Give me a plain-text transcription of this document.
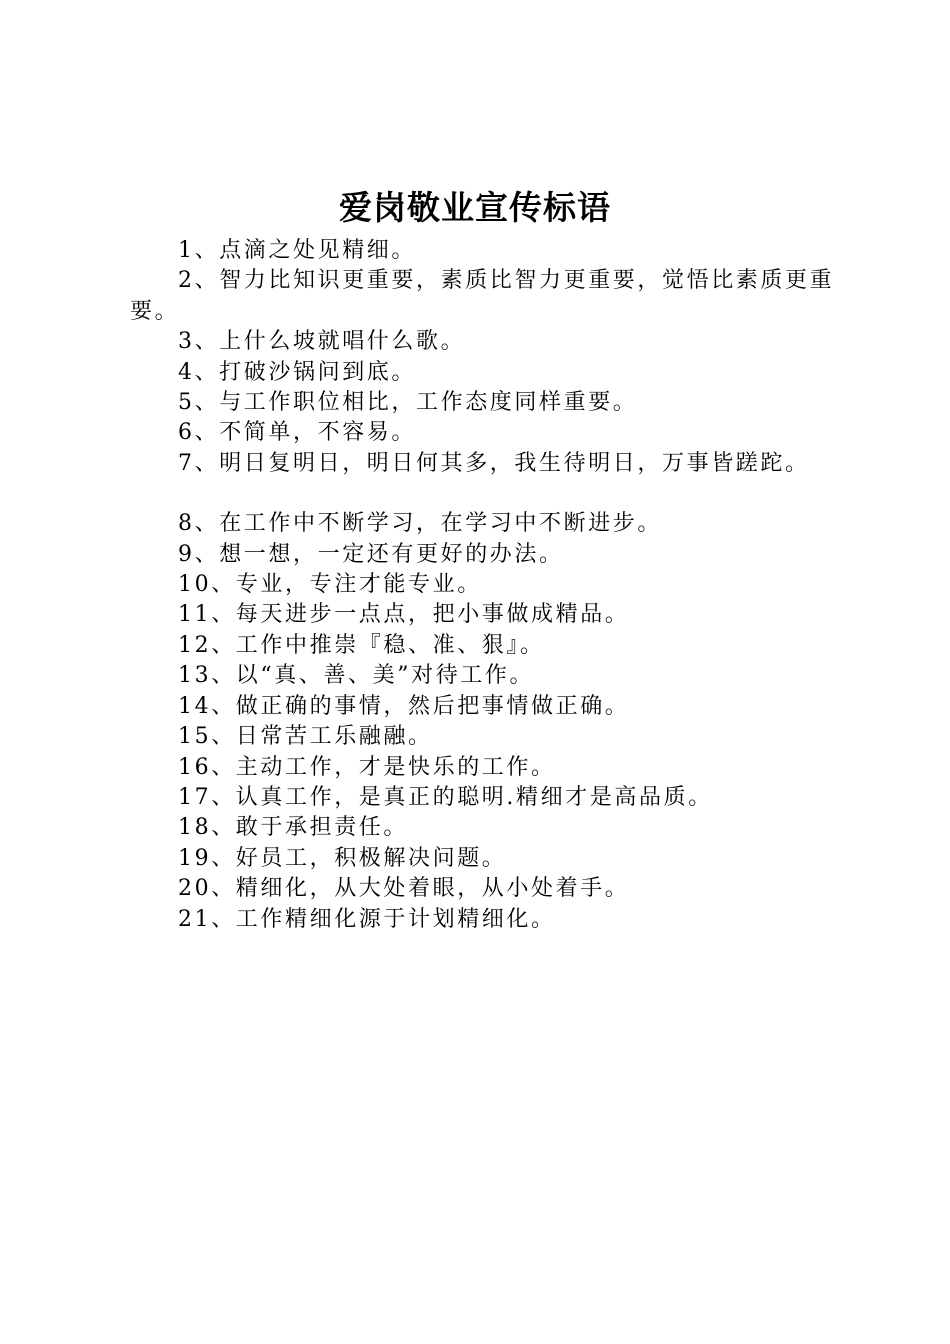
爱岗敬业宣传标语

1、点滴之处见精细。

2、智力比知识更重要，素质比智力更重要，觉悟比素质更重要。

3、上什么坡就唱什么歌。

4、打破沙锅问到底。

5、与工作职位相比，工作态度同样重要。

6、不简单，不容易。

7、明日复明日，明日何其多，我生待明日，万事皆蹉跎。

8、在工作中不断学习，在学习中不断进步。

9、想一想，一定还有更好的办法。

10、专业，专注才能专业。

11、每天进步一点点，把小事做成精品。

12、工作中推崇『稳、准、狠』。

13、以“真、善、美”对待工作。

14、做正确的事情，然后把事情做正确。

15、日常苦工乐融融。

16、主动工作，才是快乐的工作。

17、认真工作，是真正的聪明.精细才是高品质。

18、敢于承担责任。

19、好员工，积极解决问题。

20、精细化，从大处着眼，从小处着手。

21、工作精细化源于计划精细化。
